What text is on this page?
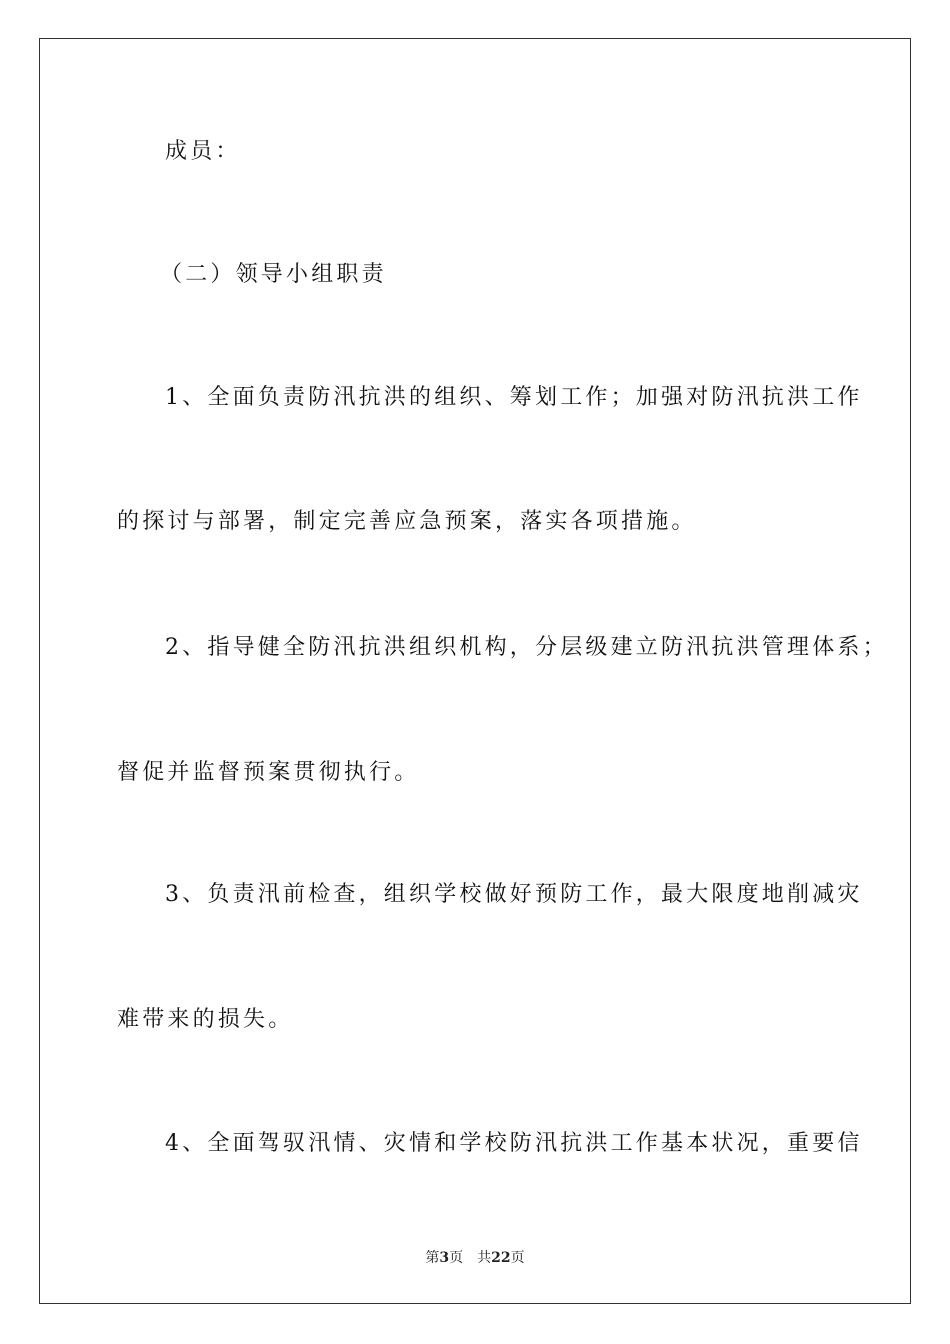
成员：
（二）领导小组职责
1、全面负责防汛抗洪的组织、筹划工作；加强对防汛抗洪工作
的探讨与部署，制定完善应急预案，落实各项措施。
2、指导健全防汛抗洪组织机构，分层级建立防汛抗洪管理体系；
督促并监督预案贯彻执行。
3、负责汛前检查，组织学校做好预防工作，最大限度地削减灾
难带来的损失。
4、全面驾驭汛情、灾情和学校防汛抗洪工作基本状况，重要信
第3页 共22页
